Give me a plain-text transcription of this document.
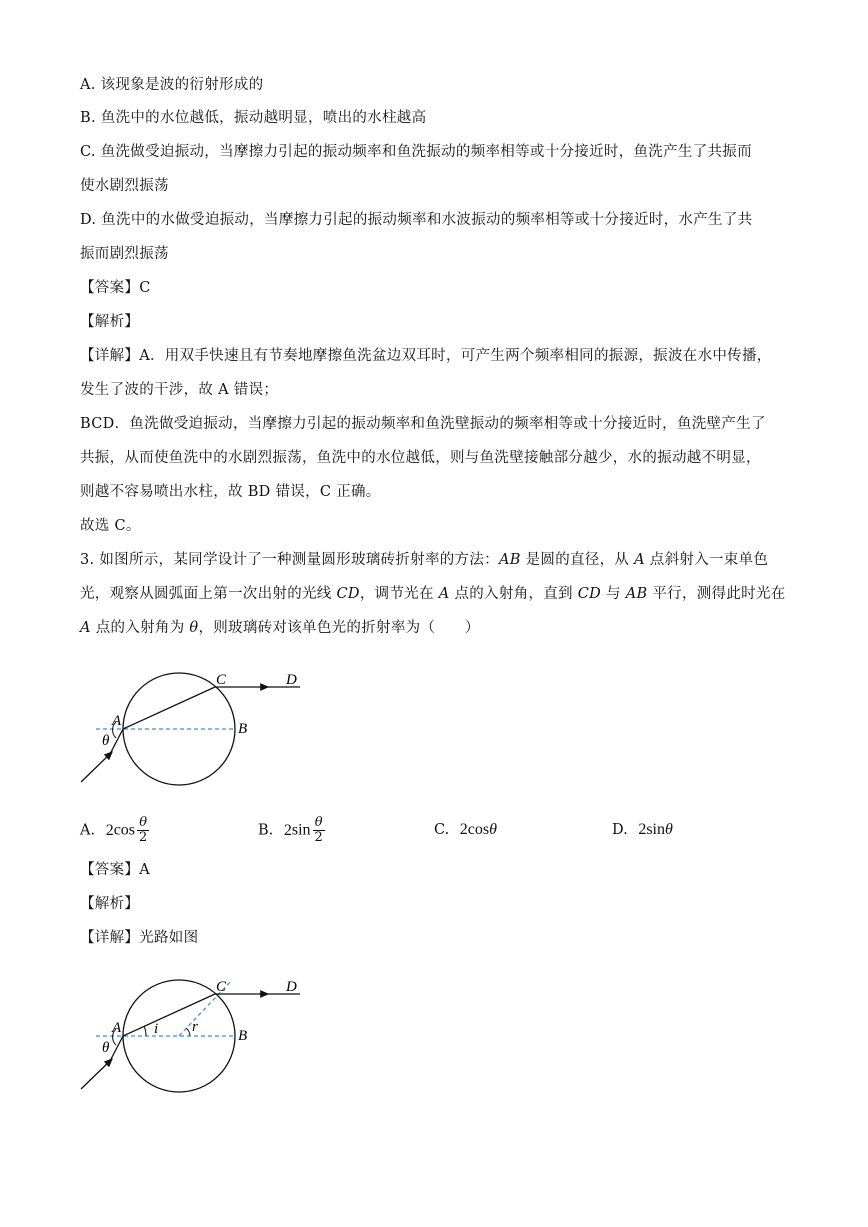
A. 该现象是波的衍射形成的
B. 鱼洗中的水位越低，振动越明显，喷出的水柱越高
C. 鱼洗做受迫振动，当摩擦力引起的振动频率和鱼洗振动的频率相等或十分接近时，鱼洗产生了共振而
使水剧烈振荡
D. 鱼洗中的水做受迫振动，当摩擦力引起的振动频率和水波振动的频率相等或十分接近时，水产生了共
振而剧烈振荡
【答案】C
【解析】
【详解】A．用双手快速且有节奏地摩擦鱼洗盆边双耳时，可产生两个频率相同的振源，振波在水中传播，
发生了波的干涉，故 A 错误；
BCD．鱼洗做受迫振动，当摩擦力引起的振动频率和鱼洗壁振动的频率相等或十分接近时，鱼洗壁产生了
共振，从而使鱼洗中的水剧烈振荡，鱼洗中的水位越低，则与鱼洗壁接触部分越少，水的振动越不明显，
则越不容易喷出水柱，故 BD 错误，C 正确。
故选 C。
3. 如图所示，某同学设计了一种测量圆形玻璃砖折射率的方法：AB 是圆的直径，从 A 点斜射入一束单色
光，观察从圆弧面上第一次出射的光线 CD，调节光在 A 点的入射角，直到 CD 与 AB 平行，测得此时光在
A 点的入射角为 θ，则玻璃砖对该单色光的折射率为（　　）
C	D
A	B
θ
A. $2\cos \frac{\theta}{2}$	B. $2\sin \frac{\theta}{2}$	C. 2cosθ	D. 2sinθ
【答案】A
【解析】
【详解】光路如图
C	D
A	B
θ
i r
